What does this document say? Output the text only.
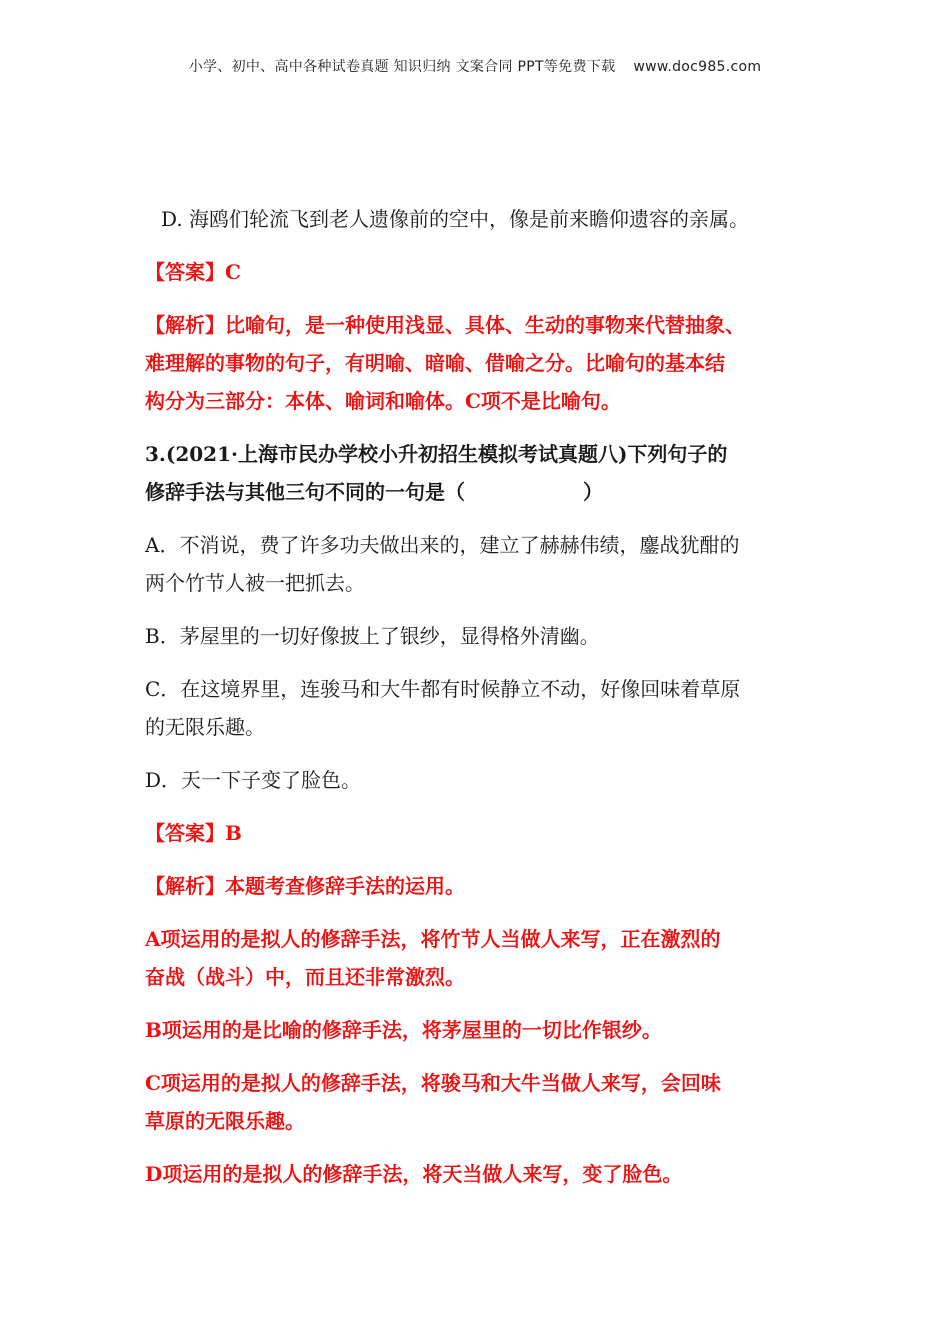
小学、初中、高中各种试卷真题 知识归纳 文案合同 PPT等免费下载 www.doc985.com

D. 海鸥们轮流飞到老人遗像前的空中，像是前来瞻仰遗容的亲属。

【答案】C

【解析】比喻句，是一种使用浅显、具体、生动的事物来代替抽象、

难理解的事物的句子，有明喻、暗喻、借喻之分。比喻句的基本结

构分为三部分：本体、喻词和喻体。C项不是比喻句。

3.(2021·上海市民办学校小升初招生模拟考试真题八)下列句子的

修辞手法与其他三句不同的一句是（	）

A．不消说，费了许多功夫做出来的，建立了赫赫伟绩，鏖战犹酣的

两个竹节人被一把抓去。

B．茅屋里的一切好像披上了银纱，显得格外清幽。

C．在这境界里，连骏马和大牛都有时候静立不动，好像回味着草原

的无限乐趣。

D．天一下子变了脸色。

【答案】B

【解析】本题考查修辞手法的运用。

A项运用的是拟人的修辞手法，将竹节人当做人来写，正在激烈的

奋战（战斗）中，而且还非常激烈。

B项运用的是比喻的修辞手法，将茅屋里的一切比作银纱。

C项运用的是拟人的修辞手法，将骏马和大牛当做人来写，会回味

草原的无限乐趣。

D项运用的是拟人的修辞手法，将天当做人来写，变了脸色。
